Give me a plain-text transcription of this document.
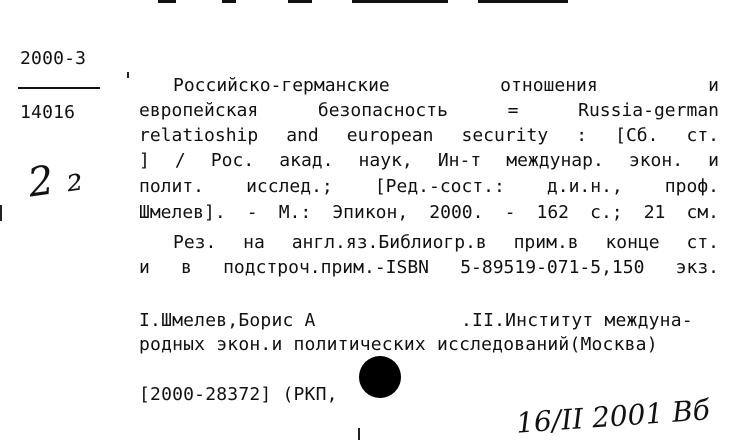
2000-3
14016
2 ₂
Российско-германские отношения и
европейская безопасность = Russia-german
relatioship and european security : [Сб. ст.
] / Рос. акад. наук, Ин-т междунар. экон. и
полит. исслед.; [Ред.-сост.: д.и.н., проф.
Шмелев]. - М.: Эпикон, 2000. - 162 с.; 21 см.
Рез. на англ.яз.Библиогр.в прим.в конце ст.
и в подстроч.прим.-ISBN 5-89519-071-5,150 экз.
I.Шмелев,Борис А	.II.Институт междуна-
родных экон.и политических исследований(Москва)
[2000-28372] (РКП,	16/II 2001 Вб
